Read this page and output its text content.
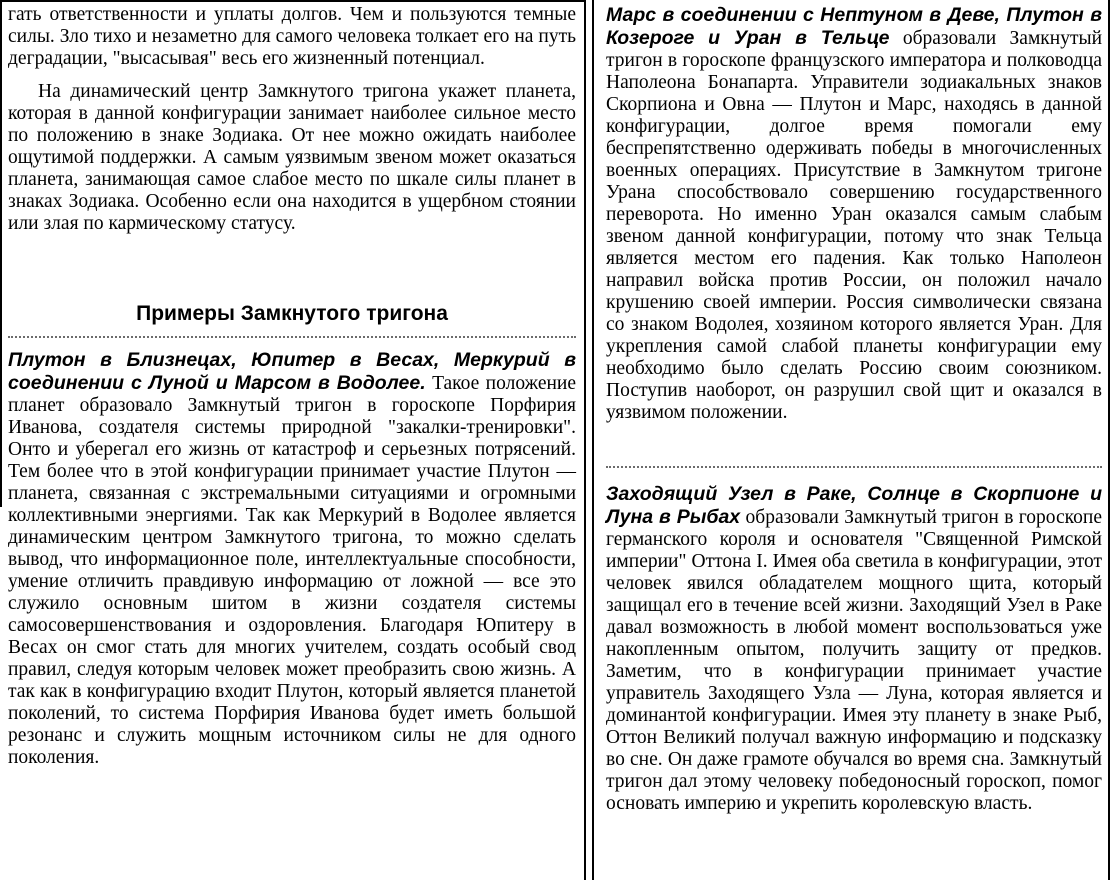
гать ответственности и уплаты долгов. Чем и пользуются темные силы. Зло тихо и незаметно для самого человека толкает его на путь деградации, "высасывая" весь его жизненный потенциал.

На динамический центр Замкнутого тригона укажет планета, которая в данной конфигурации занимает наиболее сильное место по положению в знаке Зодиака. От нее можно ожидать наиболее ощутимой поддержки. А самым уязвимым звеном может оказаться планета, занимающая самое слабое место по шкале силы планет в знаках Зодиака. Особенно если она находится в ущербном стоянии или злая по кармическому статусу.

Примеры Замкнутого тригона

Плутон в Близнецах, Юпитер в Весах, Меркурий в соединении с Луной и Марсом в Водолее. Такое положение планет образовало Замкнутый тригон в гороскопе Порфирия Иванова, создателя системы природной "закалки-тренировки". Онто и уберегал его жизнь от катастроф и серьезных потрясений. Тем более что в этой конфигурации принимает участие Плутон — планета, связанная с экстремальными ситуациями и огромными коллективными энергиями. Так как Меркурий в Водолее является динамическим центром Замкнутого тригона, то можно сделать вывод, что информационное поле, интеллектуальные способности, умение отличить правдивую информацию от ложной — все это служило основным шитом в жизни создателя системы самосовершенствования и оздоровления. Благодаря Юпитеру в Весах он смог стать для многих учителем, создать особый свод правил, следуя которым человек может преобразить свою жизнь. А так как в конфигурацию входит Плутон, который является планетой поколений, то система Порфирия Иванова будет иметь большой резонанс и служить мощным источником силы не для одного поколения.

Марс в соединении с Нептуном в Деве, Плутон в Козероге и Уран в Тельце образовали Замкнутый тригон в гороскопе французского императора и полководца Наполеона Бонапарта. Управители зодиакальных знаков Скорпиона и Овна — Плутон и Марс, находясь в данной конфигурации, долгое время помогали ему беспрепятственно одерживать победы в многочисленных военных операциях. Присутствие в Замкнутом тригоне Урана способствовало совершению государственного переворота. Но именно Уран оказался самым слабым звеном данной конфигурации, потому что знак Тельца является местом его падения. Как только Наполеон направил войска против России, он положил начало крушению своей империи. Россия символически связана со знаком Водолея, хозяином которого является Уран. Для укрепления самой слабой планеты конфигурации ему необходимо было сделать Россию своим союзником. Поступив наоборот, он разрушил свой щит и оказался в уязвимом положении.

Заходящий Узел в Раке, Солнце в Скорпионе и Луна в Рыбах образовали Замкнутый тригон в гороскопе германского короля и основателя "Священной Римской империи" Оттона I. Имея оба светила в конфигурации, этот человек явился обладателем мощного щита, который защищал его в течение всей жизни. Заходящий Узел в Раке давал возможность в любой момент воспользоваться уже накопленным опытом, получить защиту от предков. Заметим, что в конфигурации принимает участие управитель Заходящего Узла — Луна, которая является и доминантой конфигурации. Имея эту планету в знаке Рыб, Оттон Великий получал важную информацию и подсказку во сне. Он даже грамоте обучался во время сна. Замкнутый тригон дал этому человеку победоносный гороскоп, помог основать империю и укрепить королевскую власть.
